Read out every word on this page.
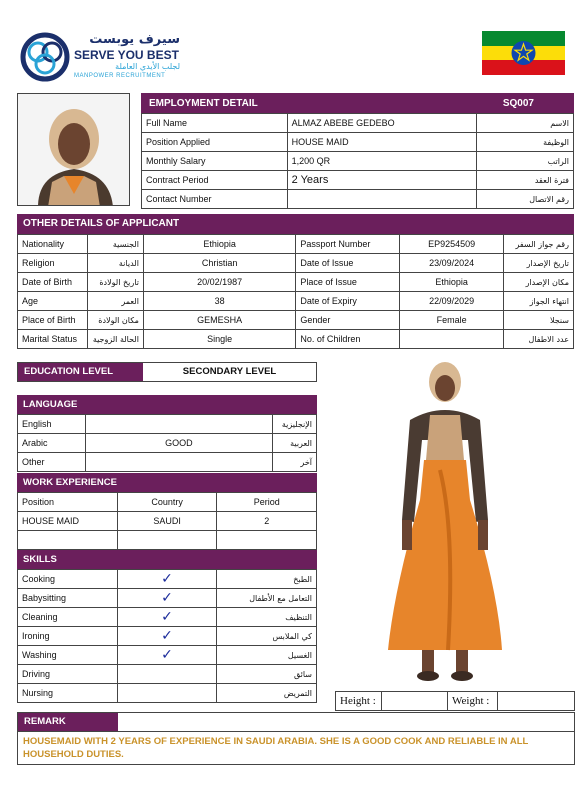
سيرف يوبست
SERVE YOU BEST
لجلب الأيدي العاملة
MANPOWER RECRUITMENT
EMPLOYMENT DETAIL	SQ007
Full Name	ALMAZ ABEBE GEDEBO	الاسم
Position Applied	HOUSE MAID	الوظيفة
Monthly Salary	1,200 QR	الراتب
Contract Period	2 Years	فترة العقد
Contact Number		رقم الاتصال
OTHER DETAILS OF APPLICANT
Nationality	الجنسية	Ethiopia	Passport Number	EP9254509	رقم جواز السفر
Religion	الديانة	Christian	Date of Issue	23/09/2024	تاريخ الإصدار
Date of Birth	تاريخ الولادة	20/02/1987	Place of Issue	Ethiopia	مكان الإصدار
Age	العمر	38	Date of Expiry	22/09/2029	انتهاء الجواز
Place of Birth	مكان الولادة	GEMESHA	Gender	Female	سنجلا
Marital Status	الحالة الزوجية	Single	No. of Children		عدد الاطفال
EDUCATION LEVEL	SECONDARY LEVEL
LANGUAGE
English		الإنجليزية
Arabic	GOOD	العربية
Other		آخر
WORK EXPERIENCE
Position	Country	Period
HOUSE MAID	SAUDI	2

SKILLS
Cooking	✓	الطبخ
Babysitting	✓	التعامل مع الأطفال
Cleaning	✓	التنظيف
Ironing	✓	كي الملابس
Washing	✓	الغسيل
Driving		سائق
Nursing		التمريض
Height :	Weight :
REMARK
HOUSEMAID WITH 2 YEARS OF EXPERIENCE IN SAUDI ARABIA. SHE IS A GOOD COOK AND RELIABLE IN ALL HOUSEHOLD DUTIES.
